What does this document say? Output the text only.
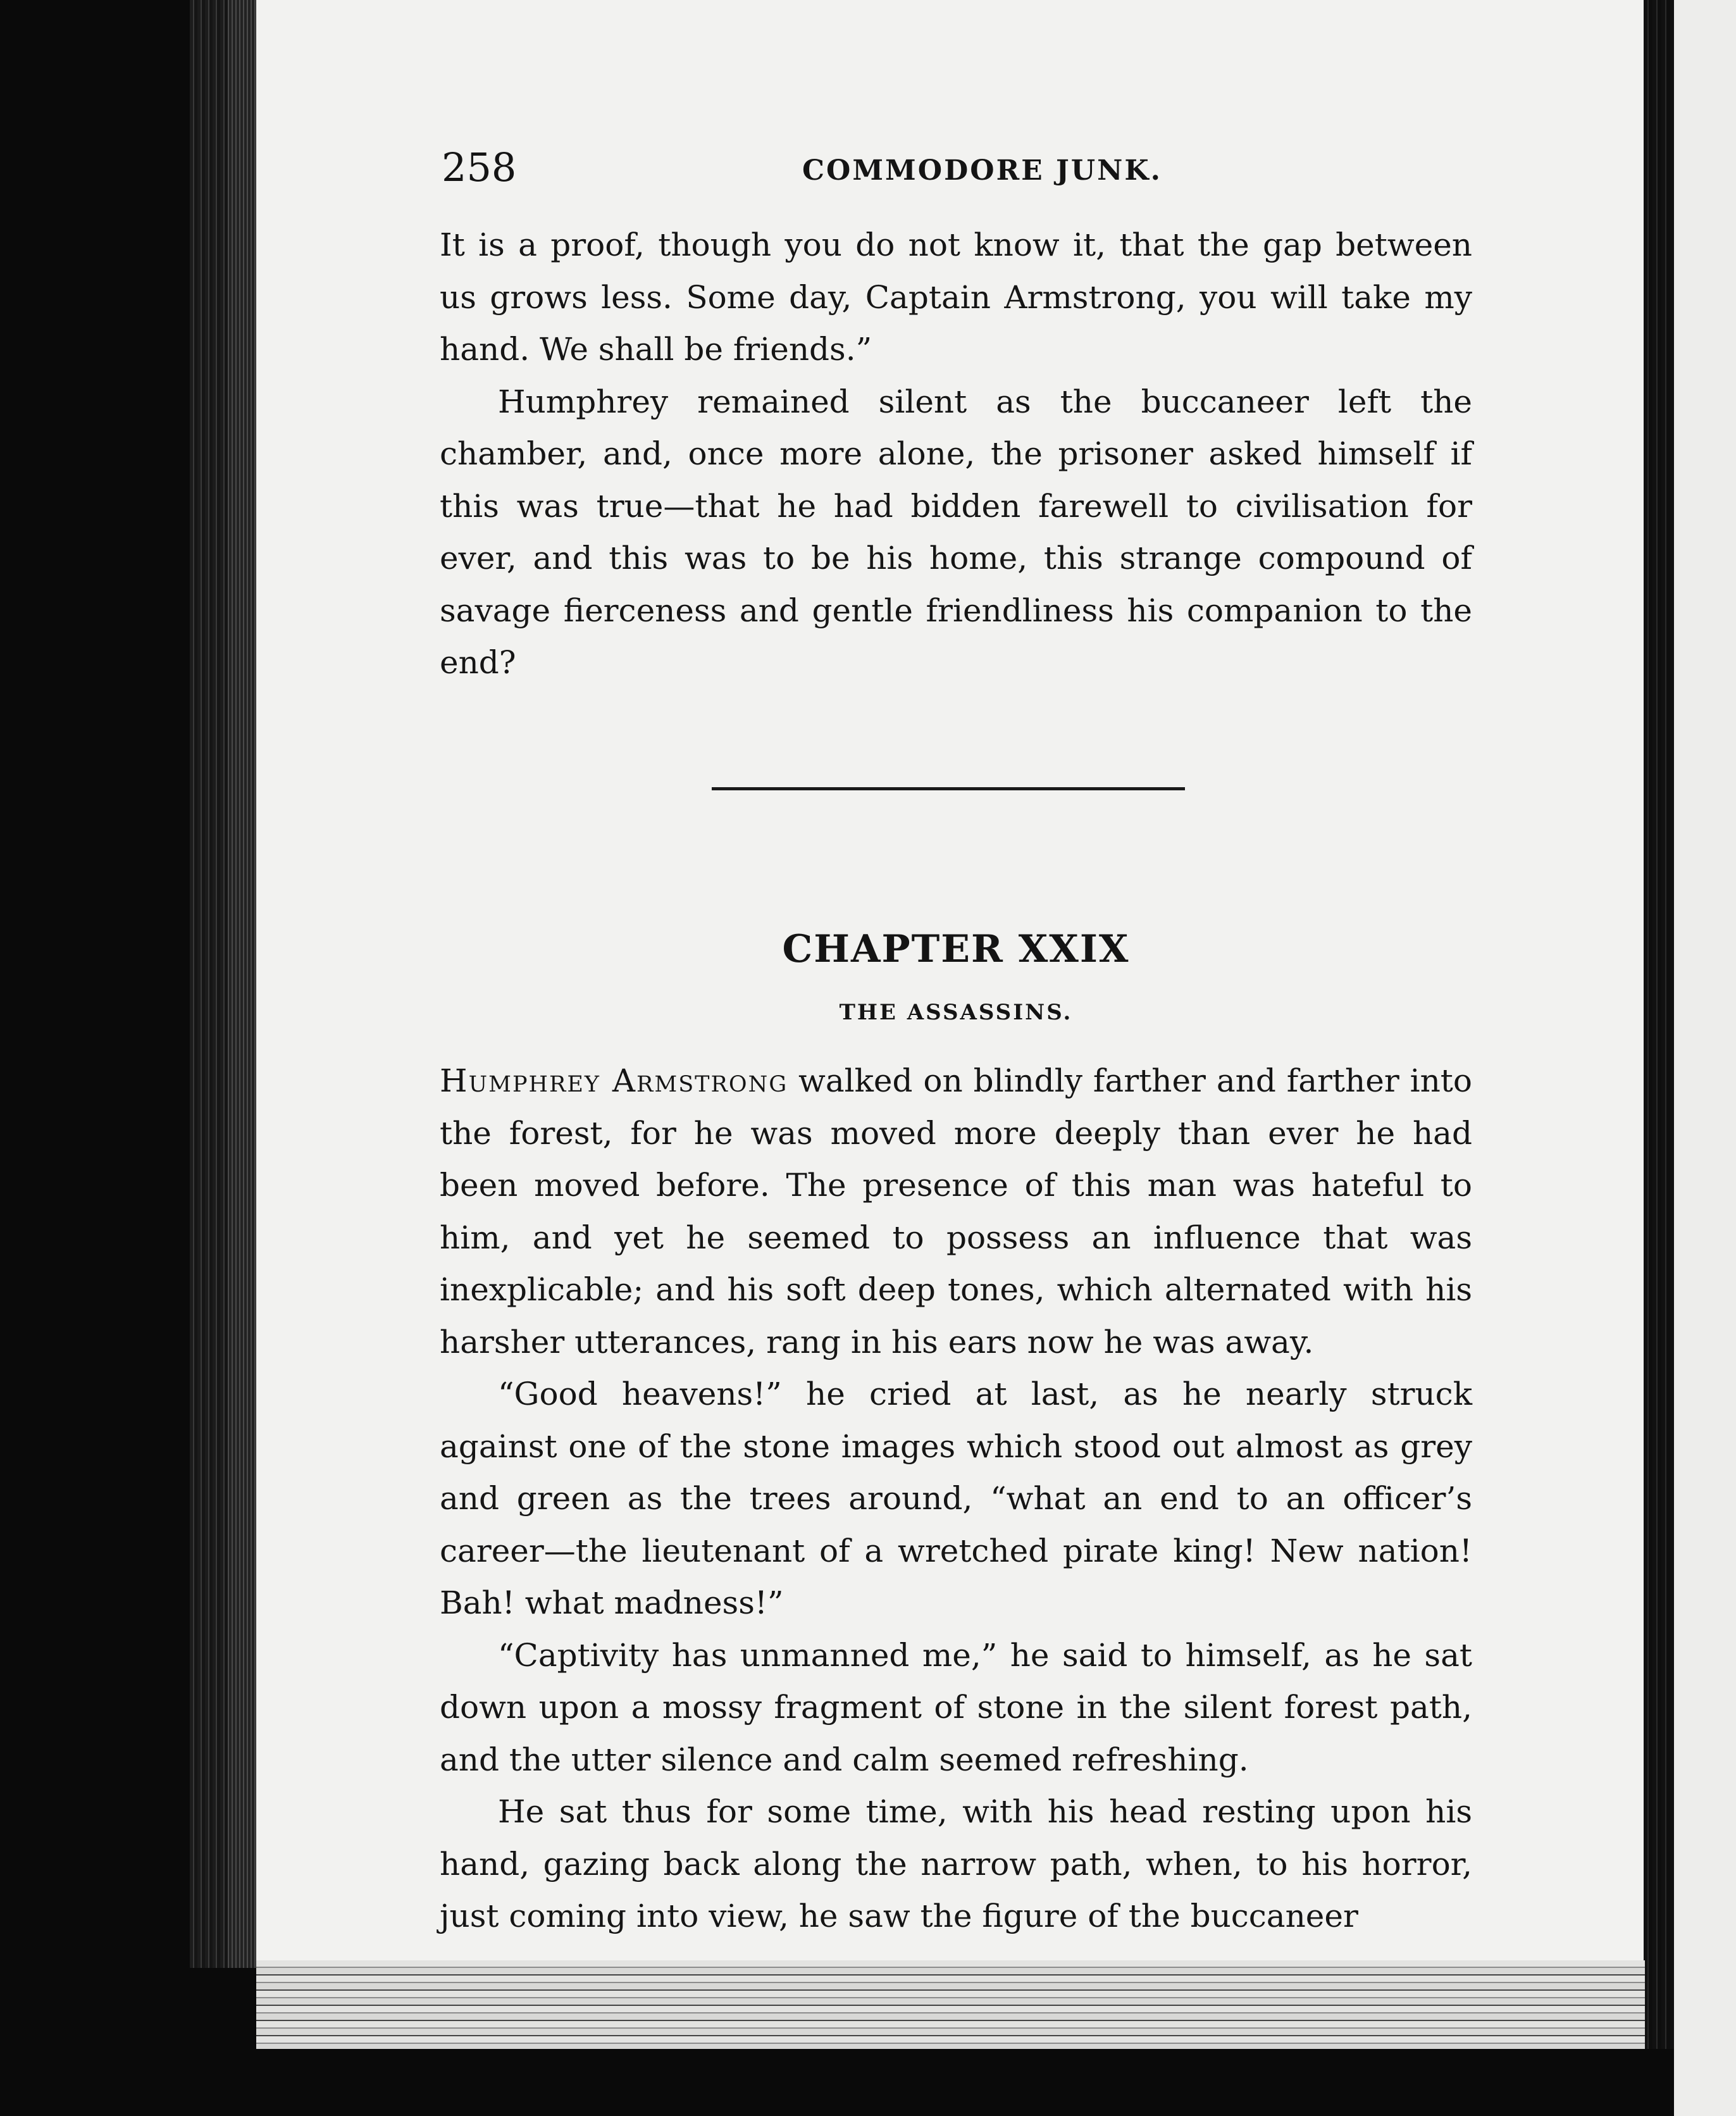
258	COMMODORE JUNK.

It is a proof, though you do not know it, that the gap between us grows less. Some day, Captain Armstrong, you will take my hand. We shall be friends.”

Humphrey remained silent as the buccaneer left the chamber, and, once more alone, the prisoner asked himself if this was true—that he had bidden farewell to civilisation for ever, and this was to be his home, this strange compound of savage fierceness and gentle friendliness his companion to the end?

CHAPTER XXIX
THE ASSASSINS.

Humphrey Armstrong walked on blindly farther and farther into the forest, for he was moved more deeply than ever he had been moved before. The presence of this man was hateful to him, and yet he seemed to possess an influence that was inexplicable; and his soft deep tones, which alternated with his harsher utterances, rang in his ears now he was away.

“Good heavens!” he cried at last, as he nearly struck against one of the stone images which stood out almost as grey and green as the trees around, “what an end to an officer’s career—the lieutenant of a wretched pirate king! New nation! Bah! what madness!”

“Captivity has unmanned me,” he said to himself, as he sat down upon a mossy fragment of stone in the silent forest path, and the utter silence and calm seemed refreshing.

He sat thus for some time, with his head resting upon his hand, gazing back along the narrow path, when, to his horror, just coming into view, he saw the figure of the buccaneer
